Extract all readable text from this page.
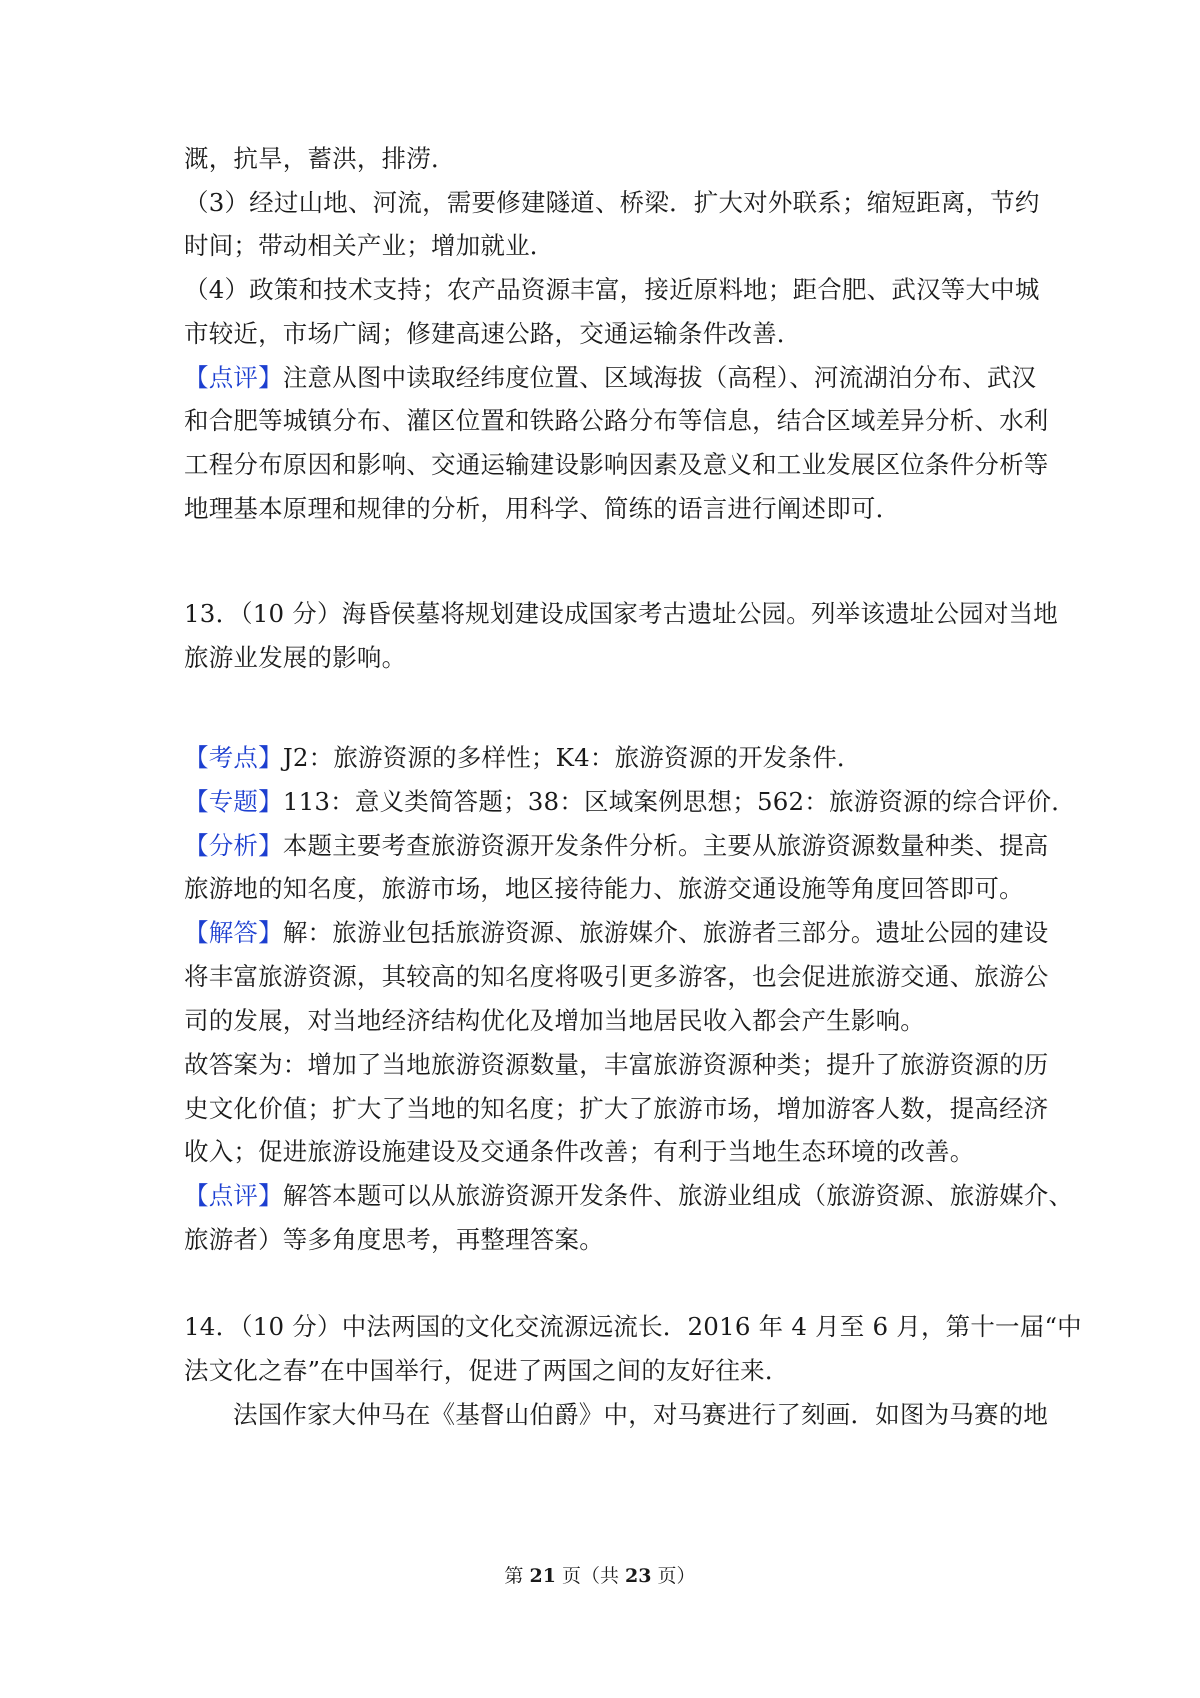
溉，抗旱，蓄洪，排涝．
（3）经过山地、河流，需要修建隧道、桥梁．扩大对外联系；缩短距离，节约
时间；带动相关产业；增加就业．
（4）政策和技术支持；农产品资源丰富，接近原料地；距合肥、武汉等大中城
市较近，市场广阔；修建高速公路，交通运输条件改善．
【点评】注意从图中读取经纬度位置、区域海拔（高程）、河流湖泊分布、武汉
和合肥等城镇分布、灌区位置和铁路公路分布等信息，结合区域差异分析、水利
工程分布原因和影响、交通运输建设影响因素及意义和工业发展区位条件分析等
地理基本原理和规律的分析，用科学、简练的语言进行阐述即可．
13．（10 分）海昏侯墓将规划建设成国家考古遗址公园。列举该遗址公园对当地
旅游业发展的影响。
【考点】J2：旅游资源的多样性；K4：旅游资源的开发条件．
【专题】113：意义类简答题；38：区域案例思想；562：旅游资源的综合评价．
【分析】本题主要考查旅游资源开发条件分析。主要从旅游资源数量种类、提高
旅游地的知名度，旅游市场，地区接待能力、旅游交通设施等角度回答即可。
【解答】解：旅游业包括旅游资源、旅游媒介、旅游者三部分。遗址公园的建设
将丰富旅游资源，其较高的知名度将吸引更多游客，也会促进旅游交通、旅游公
司的发展，对当地经济结构优化及增加当地居民收入都会产生影响。
故答案为：增加了当地旅游资源数量，丰富旅游资源种类；提升了旅游资源的历
史文化价值；扩大了当地的知名度；扩大了旅游市场，增加游客人数，提高经济
收入；促进旅游设施建设及交通条件改善；有利于当地生态环境的改善。
【点评】解答本题可以从旅游资源开发条件、旅游业组成（旅游资源、旅游媒介、
旅游者）等多角度思考，再整理答案。
14．（10 分）中法两国的文化交流源远流长．2016 年 4 月至 6 月，第十一届“中
法文化之春”在中国举行，促进了两国之间的友好往来．
法国作家大仲马在《基督山伯爵》中，对马赛进行了刻画．如图为马赛的地
第 21 页（共 23 页）
